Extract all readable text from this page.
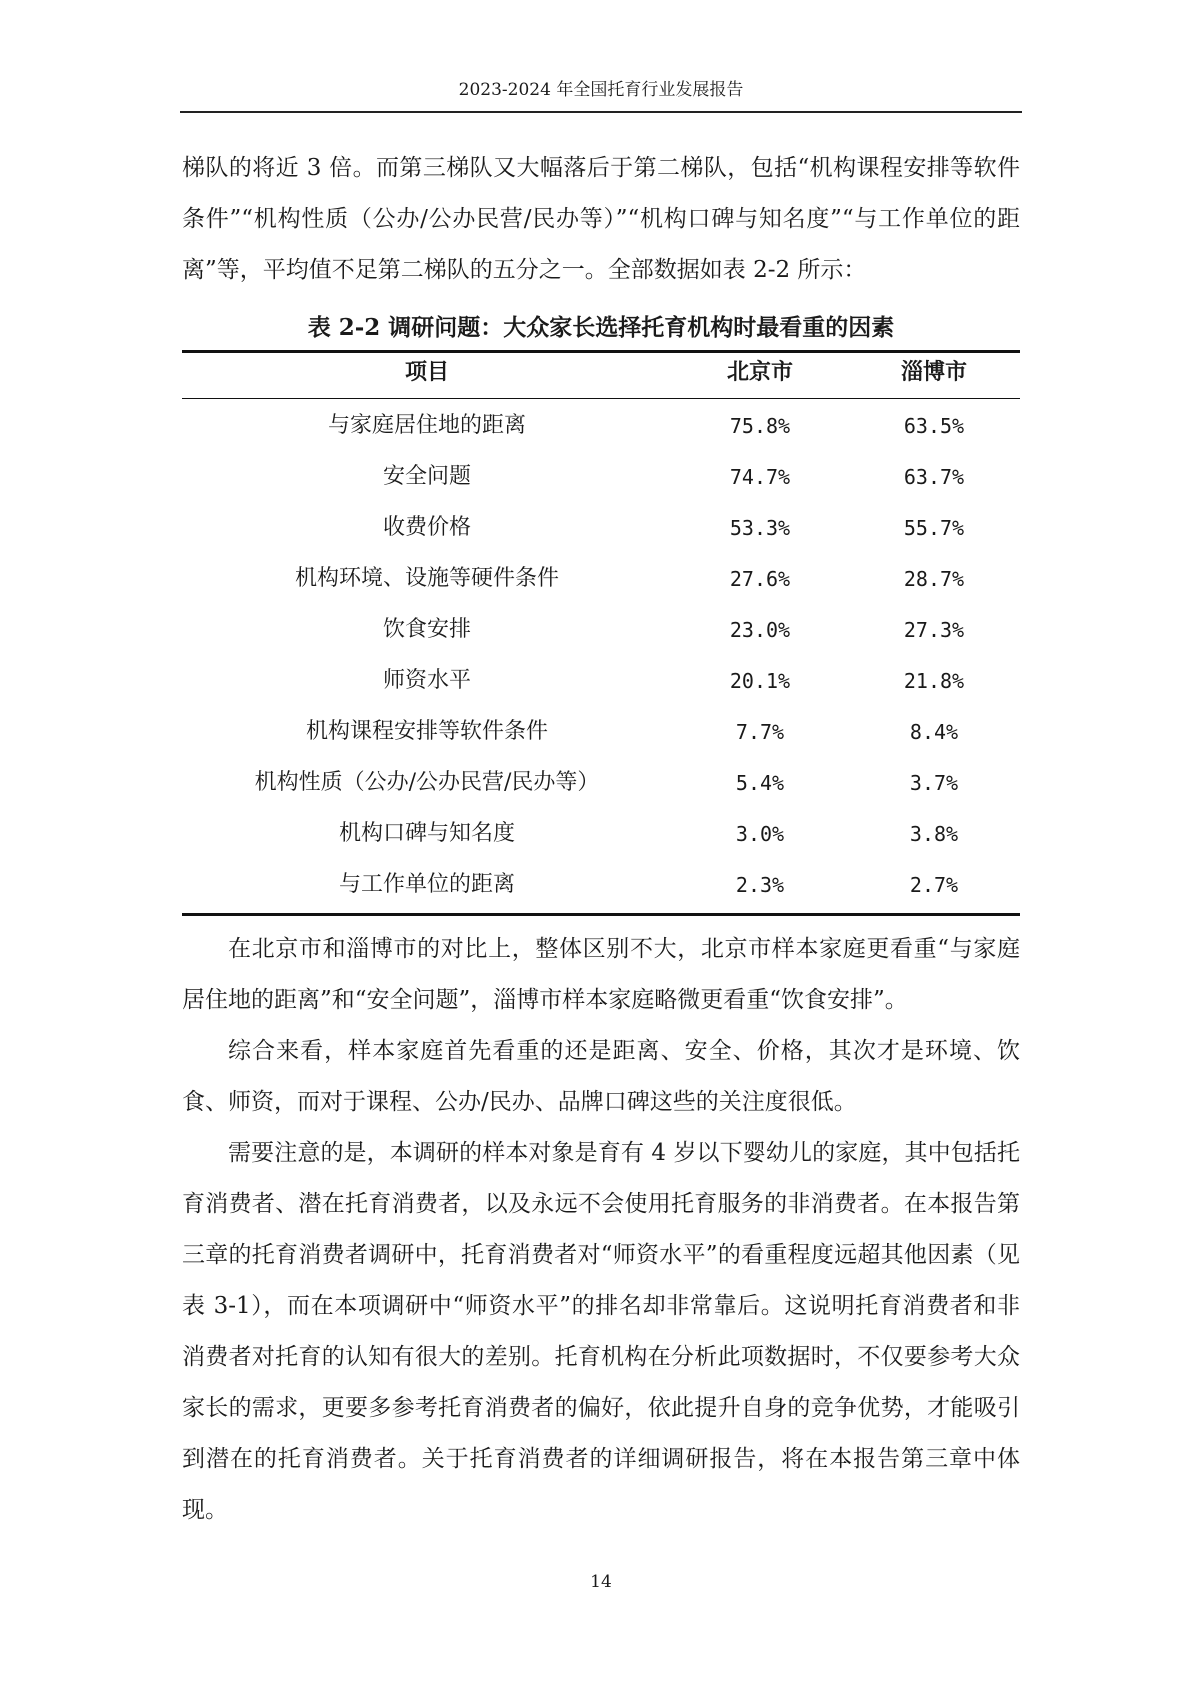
2023-2024 年全国托育行业发展报告

梯队的将近 3 倍。而第三梯队又大幅落后于第二梯队，包括“机构课程安排等软件条件”“机构性质（公办/公办民营/民办等）”“机构口碑与知名度”“与工作单位的距离”等，平均值不足第二梯队的五分之一。全部数据如表 2-2 所示：

表 2-2 调研问题：大众家长选择托育机构时最看重的因素
项目	北京市	淄博市
与家庭居住地的距离	75.8%	63.5%
安全问题	74.7%	63.7%
收费价格	53.3%	55.7%
机构环境、设施等硬件条件	27.6%	28.7%
饮食安排	23.0%	27.3%
师资水平	20.1%	21.8%
机构课程安排等软件条件	7.7%	8.4%
机构性质（公办/公办民营/民办等）	5.4%	3.7%
机构口碑与知名度	3.0%	3.8%
与工作单位的距离	2.3%	2.7%

在北京市和淄博市的对比上，整体区别不大，北京市样本家庭更看重“与家庭居住地的距离”和“安全问题”，淄博市样本家庭略微更看重“饮食安排”。

综合来看，样本家庭首先看重的还是距离、安全、价格，其次才是环境、饮食、师资，而对于课程、公办/民办、品牌口碑这些的关注度很低。

需要注意的是，本调研的样本对象是育有 4 岁以下婴幼儿的家庭，其中包括托育消费者、潜在托育消费者，以及永远不会使用托育服务的非消费者。在本报告第三章的托育消费者调研中，托育消费者对“师资水平”的看重程度远超其他因素（见表 3-1），而在本项调研中“师资水平”的排名却非常靠后。这说明托育消费者和非消费者对托育的认知有很大的差别。托育机构在分析此项数据时，不仅要参考大众家长的需求，更要多参考托育消费者的偏好，依此提升自身的竞争优势，才能吸引到潜在的托育消费者。关于托育消费者的详细调研报告，将在本报告第三章中体现。

14
